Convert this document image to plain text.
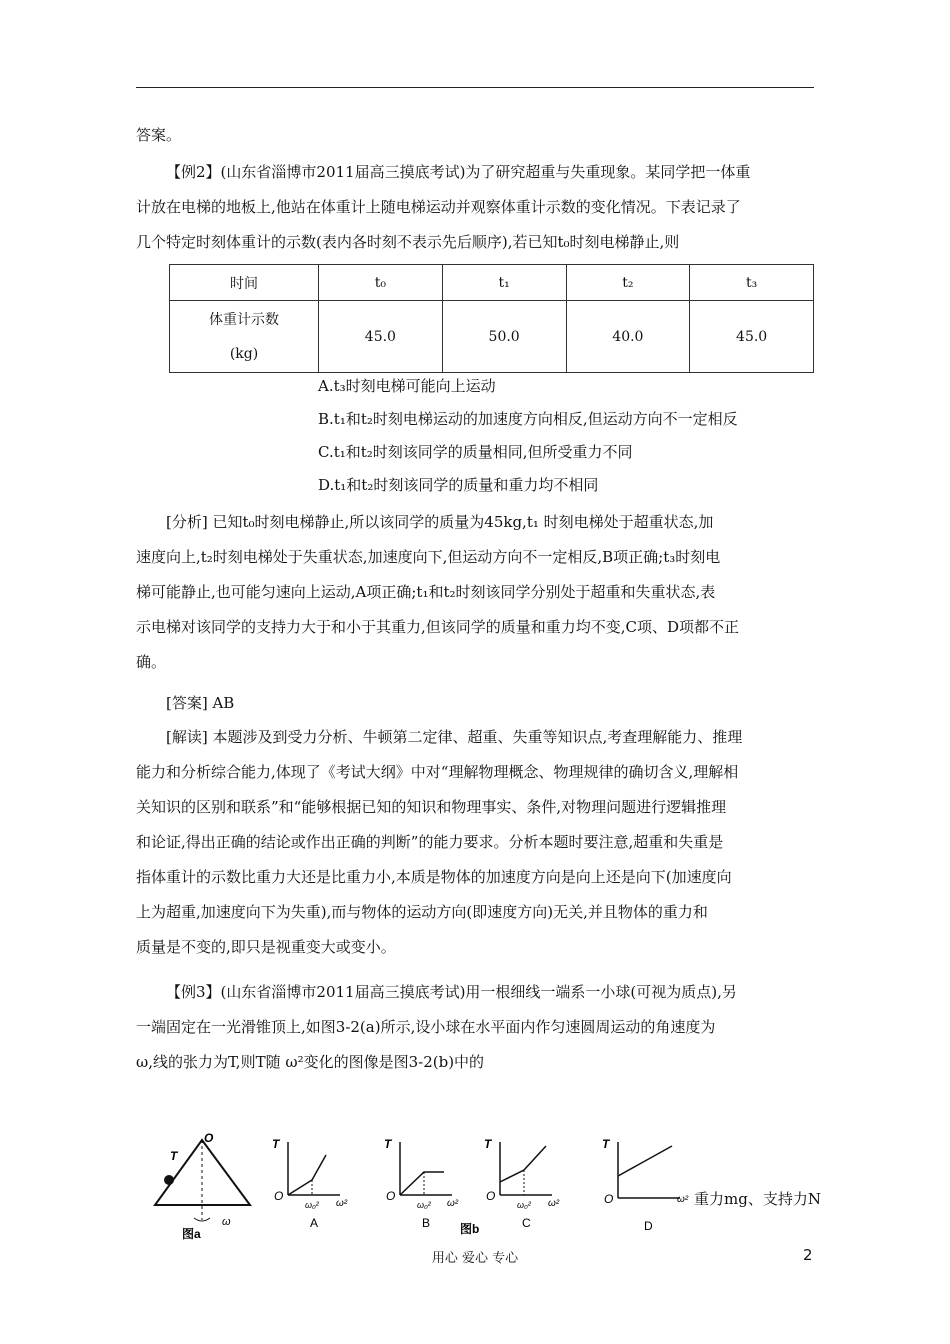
答案。

【例2】(山东省淄博市2011届高三摸底考试)为了研究超重与失重现象。某同学把一体重
计放在电梯的地板上,他站在体重计上随电梯运动并观察体重计示数的变化情况。下表记录了
几个特定时刻体重计的示数(表内各时刻不表示先后顺序),若已知t₀时刻电梯静止,则

时间	t₀	t₁	t₂	t₃
体重计示数
(kg)	45.0	50.0	40.0	45.0
A.t₃时刻电梯可能向上运动
B.t₁和t₂时刻电梯运动的加速度方向相反,但运动方向不一定相反
C.t₁和t₂时刻该同学的质量相同,但所受重力不同
D.t₁和t₂时刻该同学的质量和重力均不相同

[分析] 已知t₀时刻电梯静止,所以该同学的质量为45kg,t₁ 时刻电梯处于超重状态,加
速度向上,t₂时刻电梯处于失重状态,加速度向下,但运动方向不一定相反,B项正确;t₃时刻电
梯可能静止,也可能匀速向上运动,A项正确;t₁和t₂时刻该同学分别处于超重和失重状态,表
示电梯对该同学的支持力大于和小于其重力,但该同学的质量和重力均不变,C项、D项都不正
确。

[答案] AB

[解读] 本题涉及到受力分析、牛顿第二定律、超重、失重等知识点,考查理解能力、推理
能力和分析综合能力,体现了《考试大纲》中对“理解物理概念、物理规律的确切含义,理解相
关知识的区别和联系”和“能够根据已知的知识和物理事实、条件,对物理问题进行逻辑推理
和论证,得出正确的结论或作出正确的判断”的能力要求。分析本题时要注意,超重和失重是
指体重计的示数比重力大还是比重力小,本质是物体的加速度方向是向上还是向下(加速度向
上为超重,加速度向下为失重),而与物体的运动方向(即速度方向)无关,并且物体的重力和
质量是不变的,即只是视重变大或变小。

【例3】(山东省淄博市2011届高三摸底考试)用一根细线一端系一小球(可视为质点),另
一端固定在一光滑锥顶上,如图3-2(a)所示,设小球在水平面内作匀速圆周运动的角速度为
ω,线的张力为T,则T随 ω²变化的图像是图3-2(b)中的

O
T
ω
图a
T
O
ω₀² ω²
A
T
O
ω₀² ω²
B 图b
T
O
ω₀² ω²
C
T
O	ω²
D
重力mg、支持力N
用心 爱心 专心	2
